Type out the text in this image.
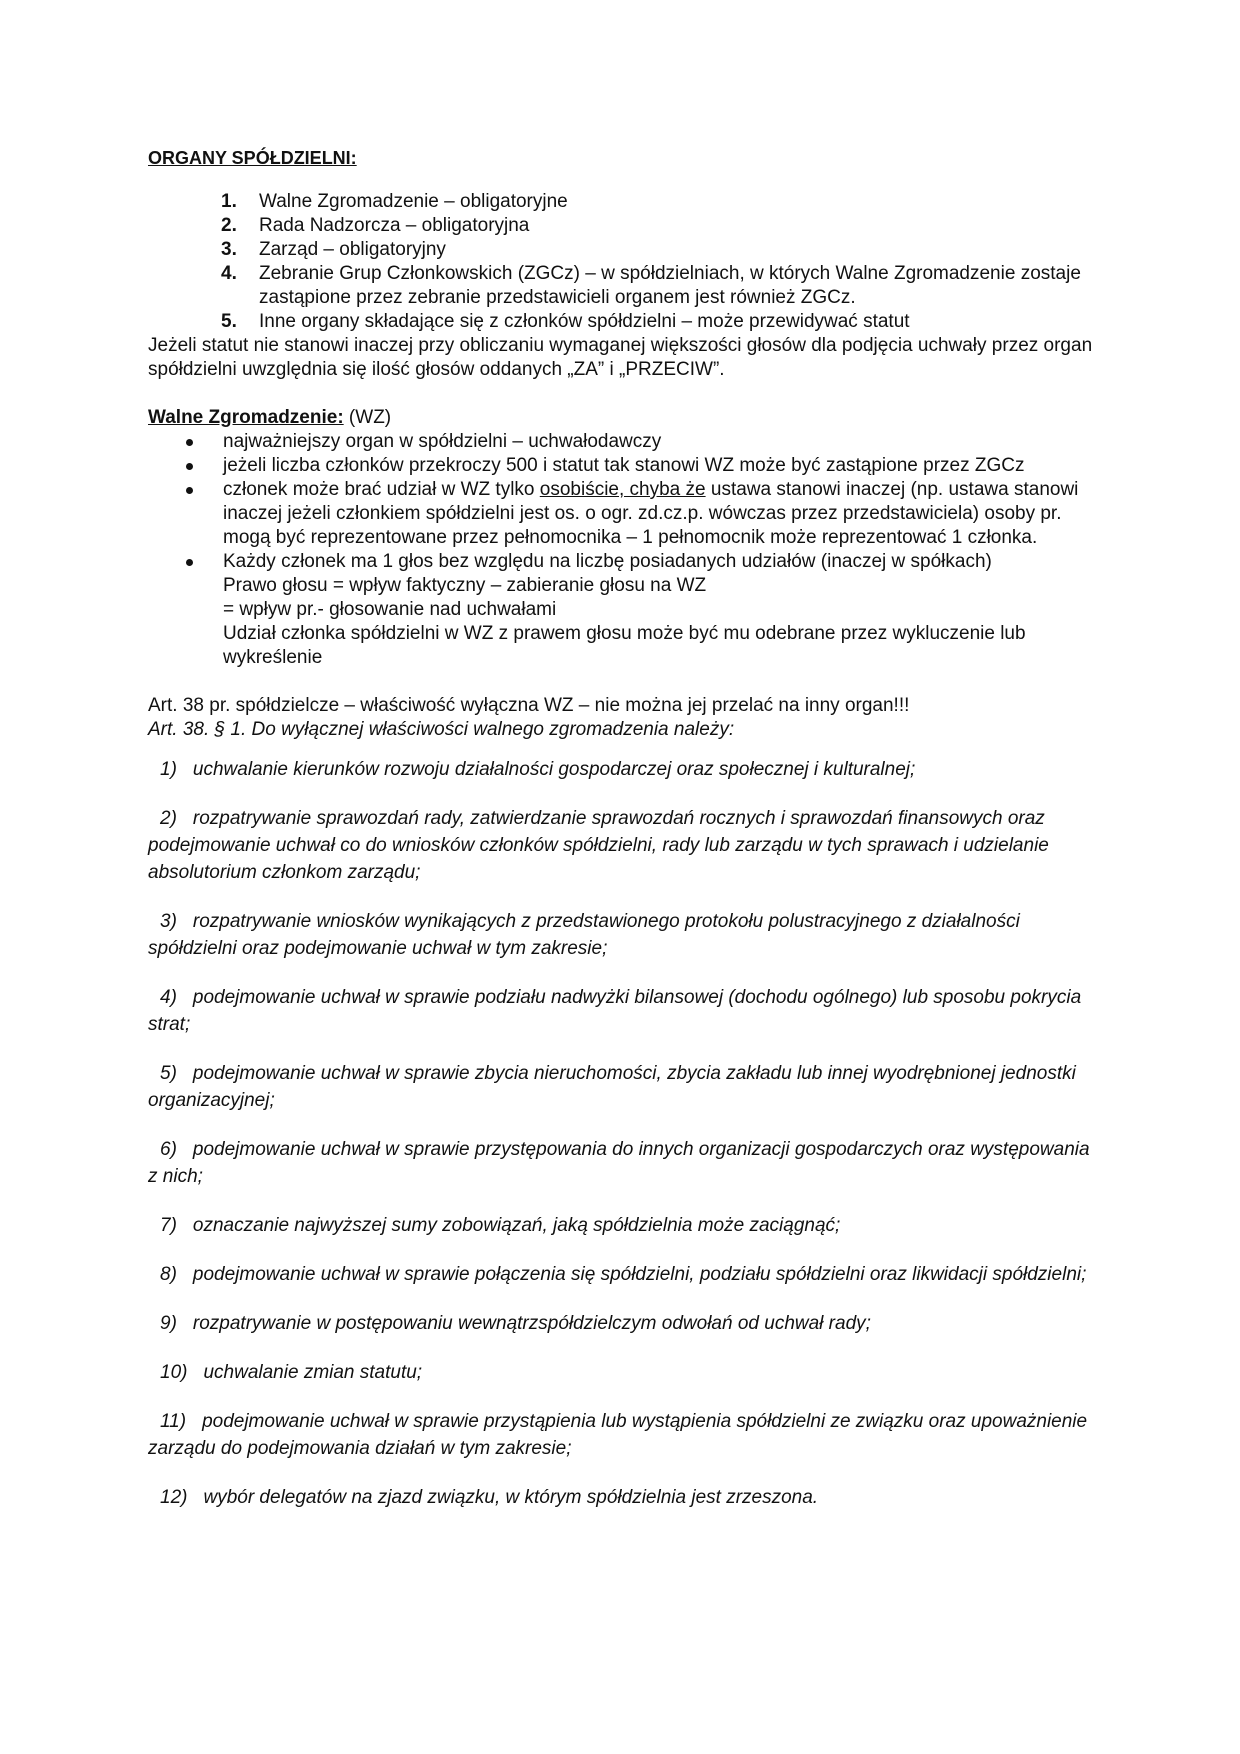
ORGANY SPÓŁDZIELNI:
1. Walne Zgromadzenie – obligatoryjne
2. Rada Nadzorcza – obligatoryjna
3. Zarząd – obligatoryjny
4. Zebranie Grup Członkowskich (ZGCz) – w spółdzielniach, w których Walne Zgromadzenie zostaje zastąpione przez zebranie przedstawicieli organem jest również ZGCz.
5. Inne organy składające się z członków spółdzielni – może przewidywać statut

Jeżeli statut nie stanowi inaczej przy obliczaniu wymaganej większości głosów dla podjęcia uchwały przez organ spółdzielni uwzględnia się ilość głosów oddanych „ZA” i „PRZECIW”.

Walne Zgromadzenie: (WZ)

najważniejszy organ w spółdzielni – uchwałodawczy
jeżeli liczba członków przekroczy 500 i statut tak stanowi WZ może być zastąpione przez ZGCz
członek może brać udział w WZ tylko osobiście, chyba że ustawa stanowi inaczej (np. ustawa stanowi inaczej jeżeli członkiem spółdzielni jest os. o ogr. zd.cz.p. wówczas przez przedstawiciela) osoby pr. mogą być reprezentowane przez pełnomocnika – 1 pełnomocnik może reprezentować 1 członka.
Każdy członek ma 1 głos bez względu na liczbę posiadanych udziałów (inaczej w spółkach)
Prawo głosu = wpływ faktyczny – zabieranie głosu na WZ
= wpływ pr.- głosowanie nad uchwałami
Udział członka spółdzielni w WZ z prawem głosu może być mu odebrane przez wykluczenie lub wykreślenie

Art. 38 pr. spółdzielcze – właściwość wyłączna WZ – nie można jej przelać na inny organ!!!

Art. 38. § 1. Do wyłącznej właściwości walnego zgromadzenia należy:

1) uchwalanie kierunków rozwoju działalności gospodarczej oraz społecznej i kulturalnej;

2) rozpatrywanie sprawozdań rady, zatwierdzanie sprawozdań rocznych i sprawozdań finansowych oraz podejmowanie uchwał co do wniosków członków spółdzielni, rady lub zarządu w tych sprawach i udzielanie absolutorium członkom zarządu;

3) rozpatrywanie wniosków wynikających z przedstawionego protokołu polustracyjnego z działalności spółdzielni oraz podejmowanie uchwał w tym zakresie;

4) podejmowanie uchwał w sprawie podziału nadwyżki bilansowej (dochodu ogólnego) lub sposobu pokrycia strat;

5) podejmowanie uchwał w sprawie zbycia nieruchomości, zbycia zakładu lub innej wyodrębnionej jednostki organizacyjnej;

6) podejmowanie uchwał w sprawie przystępowania do innych organizacji gospodarczych oraz występowania z nich;

7) oznaczanie najwyższej sumy zobowiązań, jaką spółdzielnia może zaciągnąć;

8) podejmowanie uchwał w sprawie połączenia się spółdzielni, podziału spółdzielni oraz likwidacji spółdzielni;

9) rozpatrywanie w postępowaniu wewnątrzspółdzielczym odwołań od uchwał rady;

10) uchwalanie zmian statutu;

11) podejmowanie uchwał w sprawie przystąpienia lub wystąpienia spółdzielni ze związku oraz upoważnienie zarządu do podejmowania działań w tym zakresie;

12) wybór delegatów na zjazd związku, w którym spółdzielnia jest zrzeszona.
